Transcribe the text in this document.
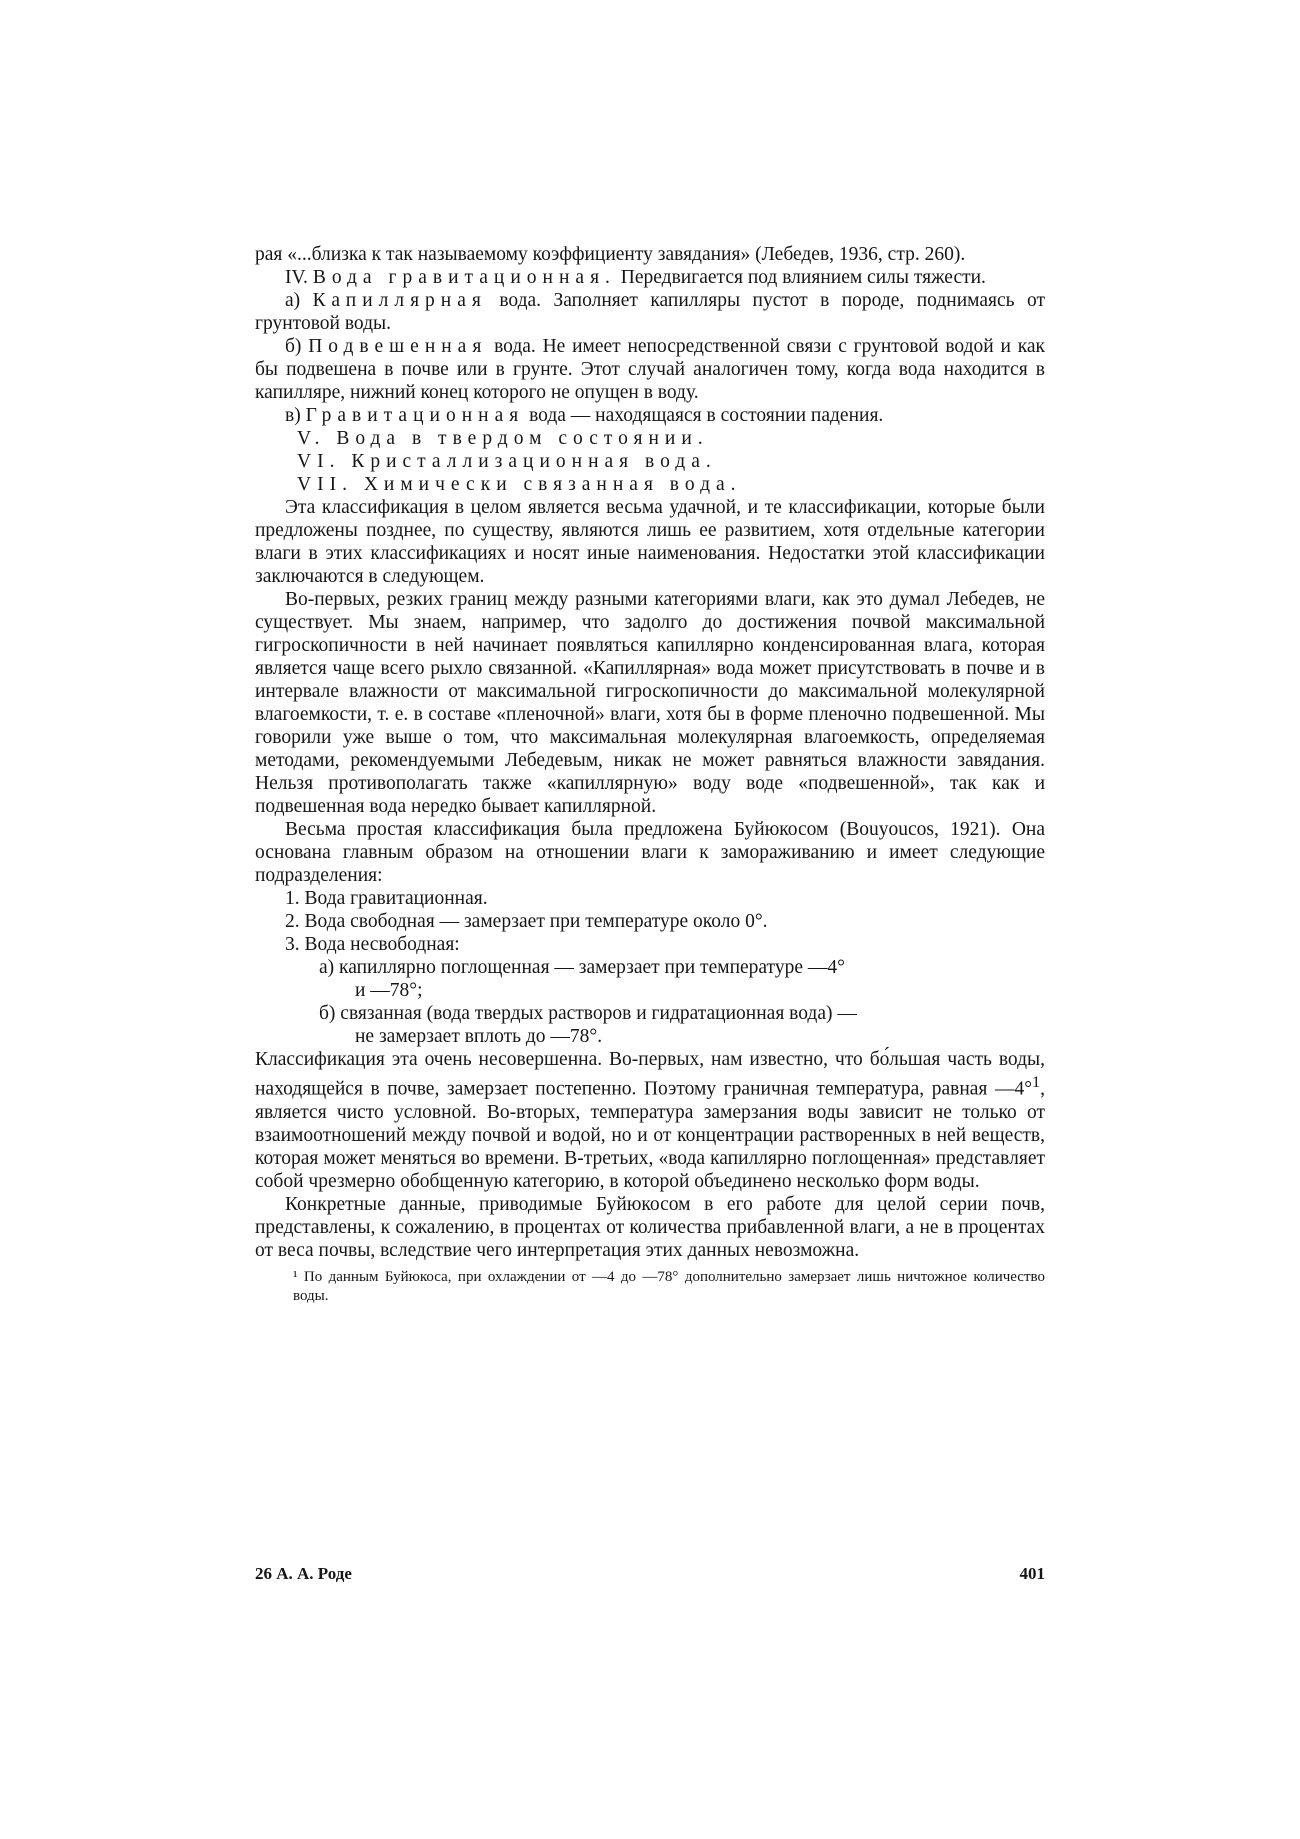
рая «...близка к так называемому коэффициенту завядания» (Лебедев, 1936, стр. 260).

IV. Вода гравитационная. Передвигается под влиянием силы тяжести.

а) Капиллярная вода. Заполняет капилляры пустот в породе, поднимаясь от грунтовой воды.

б) Подвешенная вода. Не имеет непосредственной связи с грунтовой водой и как бы подвешена в почве или в грунте. Этот случай аналогичен тому, когда вода находится в капилляре, нижний конец которого не опущен в воду.

в) Гравитационная вода — находящаяся в состоянии падения.

V. Вода в твердом состоянии.

VI. Кристаллизационная вода.

VII. Химически связанная вода.

Эта классификация в целом является весьма удачной, и те классификации, которые были предложены позднее, по существу, являются лишь ее развитием, хотя отдельные категории влаги в этих классификациях и носят иные наименования. Недостатки этой классификации заключаются в следующем.

Во-первых, резких границ между разными категориями влаги, как это думал Лебедев, не существует. Мы знаем, например, что задолго до достижения почвой максимальной гигроскопичности в ней начинает появляться капиллярно конденсированная влага, которая является чаще всего рыхло связанной. «Капиллярная» вода может присутствовать в почве и в интервале влажности от максимальной гигроскопичности до максимальной молекулярной влагоемкости, т. е. в составе «пленочной» влаги, хотя бы в форме пленочно подвешенной. Мы говорили уже выше о том, что максимальная молекулярная влагоемкость, определяемая методами, рекомендуемыми Лебедевым, никак не может равняться влажности завядания. Нельзя противополагать также «капиллярную» воду воде «подвешенной», так как и подвешенная вода нередко бывает капиллярной.

Весьма простая классификация была предложена Буйюкосом (Bouyoucos, 1921). Она основана главным образом на отношении влаги к замораживанию и имеет следующие подразделения:

1. Вода гравитационная.

2. Вода свободная — замерзает при температуре около 0°.

3. Вода несвободная:

а) капиллярно поглощенная — замерзает при температуре —4°

и —78°;

б) связанная (вода твердых растворов и гидратационная вода) —

не замерзает вплоть до —78°.

Классификация эта очень несовершенна. Во-первых, нам известно, что бо́льшая часть воды, находящейся в почве, замерзает постепенно. Поэтому граничная температура, равная —4°$^1$, является чисто условной. Во-вторых, температура замерзания воды зависит не только от взаимоотношений между почвой и водой, но и от концентрации растворенных в ней веществ, которая может меняться во времени. В-третьих, «вода капиллярно поглощенная» представляет собой чрезмерно обобщенную категорию, в которой объединено несколько форм воды.

Конкретные данные, приводимые Буйюкосом в его работе для целой серии почв, представлены, к сожалению, в процентах от количества прибавленной влаги, а не в процентах от веса почвы, вследствие чего интерпретация этих данных невозможна.

¹ По данным Буйюкоса, при охлаждении от —4 до —78° дополнительно замерзает лишь ничтожное количество воды.

26 А. А. Роде	401
